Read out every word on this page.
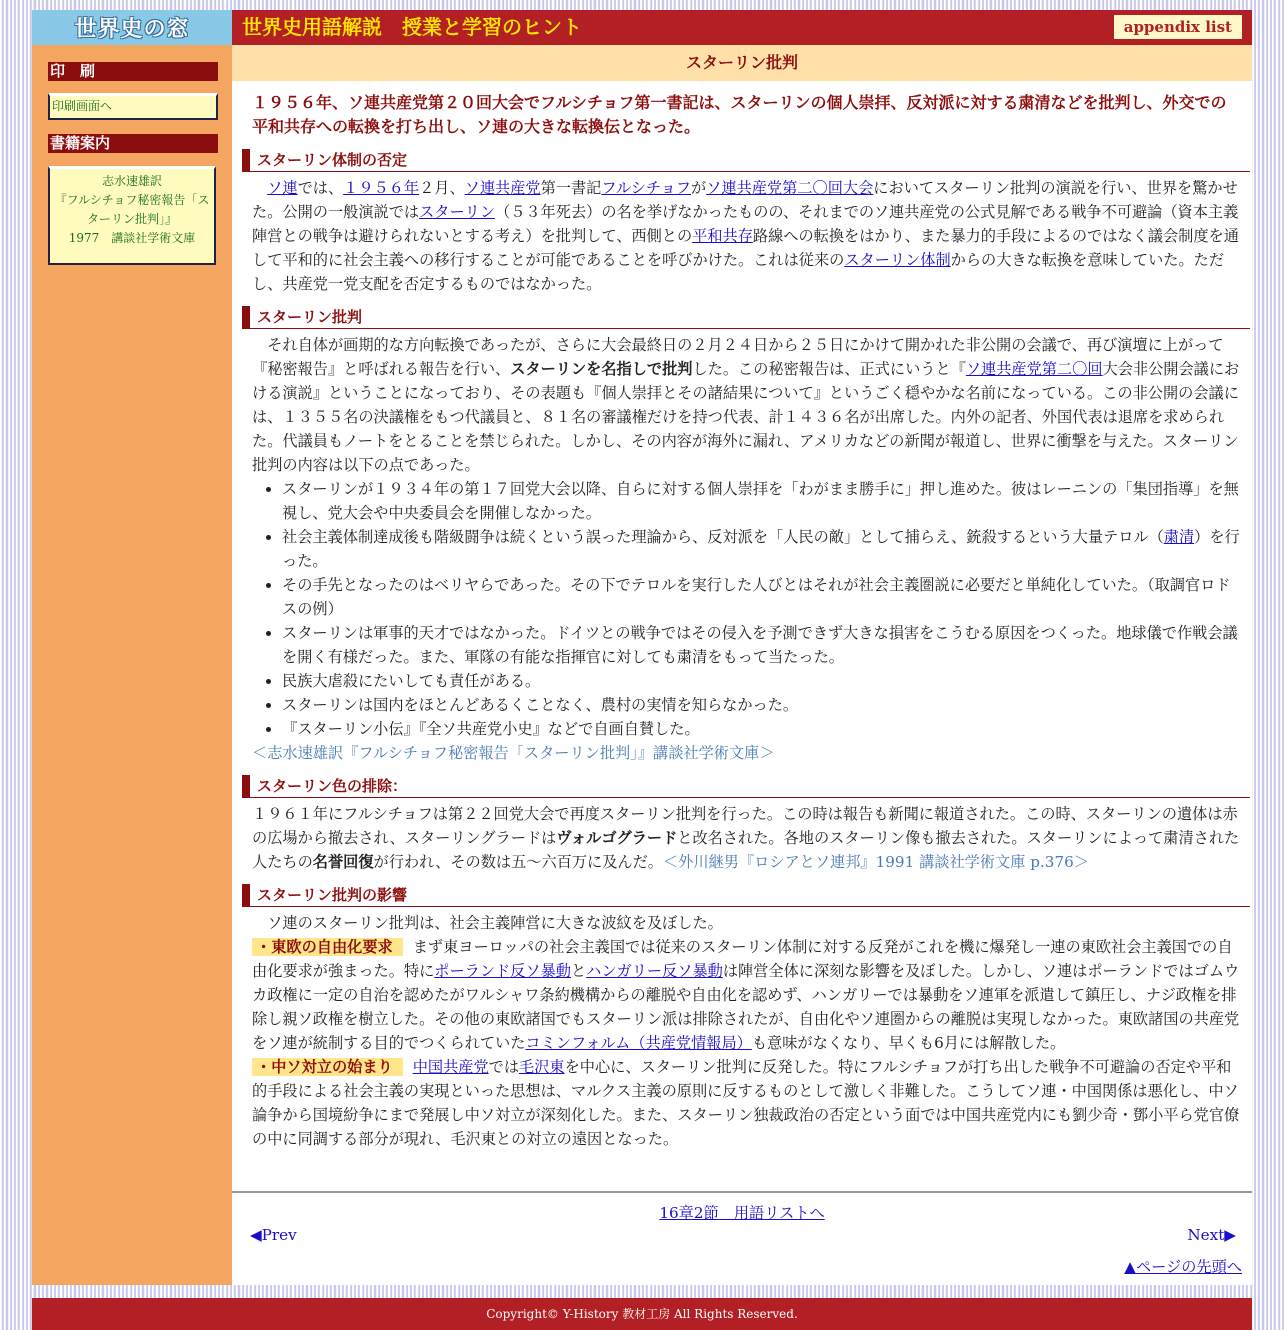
世界史の窓	世界史用語解説　授業と学習のヒント	appendix list
印　刷
印刷画面へ
書籍案内
志水速雄訳
『フルシチョフ秘密報告「スターリン批判」』
1977　講談社学術文庫
スターリン批判

１９５６年、ソ連共産党第２０回大会でフルシチョフ第一書記は、スターリンの個人崇拝、反対派に対する粛清などを批判し、外交での平和共存への転換を打ち出し、ソ連の大きな転換伝となった。

スターリン体制の否定

ソ連では、１９５６年２月、ソ連共産党第一書記フルシチョフがソ連共産党第二〇回大会においてスターリン批判の演説を行い、世界を驚かせた。公開の一般演説ではスターリン（５３年死去）の名を挙げなかったものの、それまでのソ連共産党の公式見解である戦争不可避論（資本主義陣営との戦争は避けられないとする考え）を批判して、西側との平和共存路線への転換をはかり、また暴力的手段によるのではなく議会制度を通して平和的に社会主義への移行することが可能であることを呼びかけた。これは従来のスターリン体制からの大きな転換を意味していた。ただし、共産党一党支配を否定するものではなかった。

スターリン批判

それ自体が画期的な方向転換であったが、さらに大会最終日の２月２４日から２５日にかけて開かれた非公開の会議で、再び演壇に上がって『秘密報告』と呼ばれる報告を行い、スターリンを名指しで批判した。この秘密報告は、正式にいうと『ソ連共産党第二〇回大会非公開会議における演説』ということになっており、その表題も『個人崇拝とその諸結果について』というごく穏やかな名前になっている。この非公開の会議には、１３５５名の決議権をもつ代議員と、８１名の審議権だけを持つ代表、計１４３６名が出席した。内外の記者、外国代表は退席を求められた。代議員もノートをとることを禁じられた。しかし、その内容が海外に漏れ、アメリカなどの新聞が報道し、世界に衝撃を与えた。スターリン批判の内容は以下の点であった。

• スターリンが１９３４年の第１７回党大会以降、自らに対する個人崇拝を「わがまま勝手に」押し進めた。彼はレーニンの「集団指導」を無視し、党大会や中央委員会を開催しなかった。
• 社会主義体制達成後も階級闘争は続くという誤った理論から、反対派を「人民の敵」として捕らえ、銃殺するという大量テロル（粛清）を行った。
• その手先となったのはベリヤらであった。その下でテロルを実行した人びとはそれが社会主義圏説に必要だと単純化していた。（取調官ロドスの例）
• スターリンは軍事的天才ではなかった。ドイツとの戦争ではその侵入を予測できず大きな損害をこうむる原因をつくった。地球儀で作戦会議を開く有様だった。また、軍隊の有能な指揮官に対しても粛清をもって当たった。
• 民族大虐殺にたいしても責任がある。
• スターリンは国内をほとんどあるくことなく、農村の実情を知らなかった。
• 『スターリン小伝』『全ソ共産党小史』などで自画自賛した。

＜志水速雄訳『フルシチョフ秘密報告「スターリン批判」』講談社学術文庫＞

スターリン色の排除：

１９６１年にフルシチョフは第２２回党大会で再度スターリン批判を行った。この時は報告も新聞に報道された。この時、スターリンの遺体は赤の広場から撤去され、スターリングラードはヴォルゴグラードと改名された。各地のスターリン像も撤去された。スターリンによって粛清された人たちの名誉回復が行われ、その数は五～六百万に及んだ。＜外川継男『ロシアとソ連邦』1991 講談社学術文庫 p.376＞

スターリン批判の影響

ソ連のスターリン批判は、社会主義陣営に大きな波紋を及ぼした。

・東欧の自由化要求 まず東ヨーロッパの社会主義国では従来のスターリン体制に対する反発がこれを機に爆発し一連の東欧社会主義国での自由化要求が強まった。特にポーランド反ソ暴動とハンガリー反ソ暴動は陣営全体に深刻な影響を及ぼした。しかし、ソ連はポーランドではゴムウカ政権に一定の自治を認めたがワルシャワ条約機構からの離脱や自由化を認めず、ハンガリーでは暴動をソ連軍を派遣して鎮圧し、ナジ政権を排除し親ソ政権を樹立した。その他の東欧諸国でもスターリン派は排除されたが、自由化やソ連圏からの離脱は実現しなかった。東欧諸国の共産党をソ連が統制する目的でつくられていたコミンフォルム（共産党情報局）も意味がなくなり、早くも6月には解散した。

・中ソ対立の始まり 中国共産党では毛沢東を中心に、スターリン批判に反発した。特にフルシチョフが打ち出した戦争不可避論の否定や平和的手段による社会主義の実現といった思想は、マルクス主義の原則に反するものとして激しく非難した。こうしてソ連・中国関係は悪化し、中ソ論争から国境紛争にまで発展し中ソ対立が深刻化した。また、スターリン独裁政治の否定という面では中国共産党内にも劉少奇・鄧小平ら党官僚の中に同調する部分が現れ、毛沢東との対立の遠因となった。

16章2節　用語リストへ
◀Prev	Next▶
▲ページの先頭へ
Copyright© Y-History 教材工房 All Rights Reserved.
